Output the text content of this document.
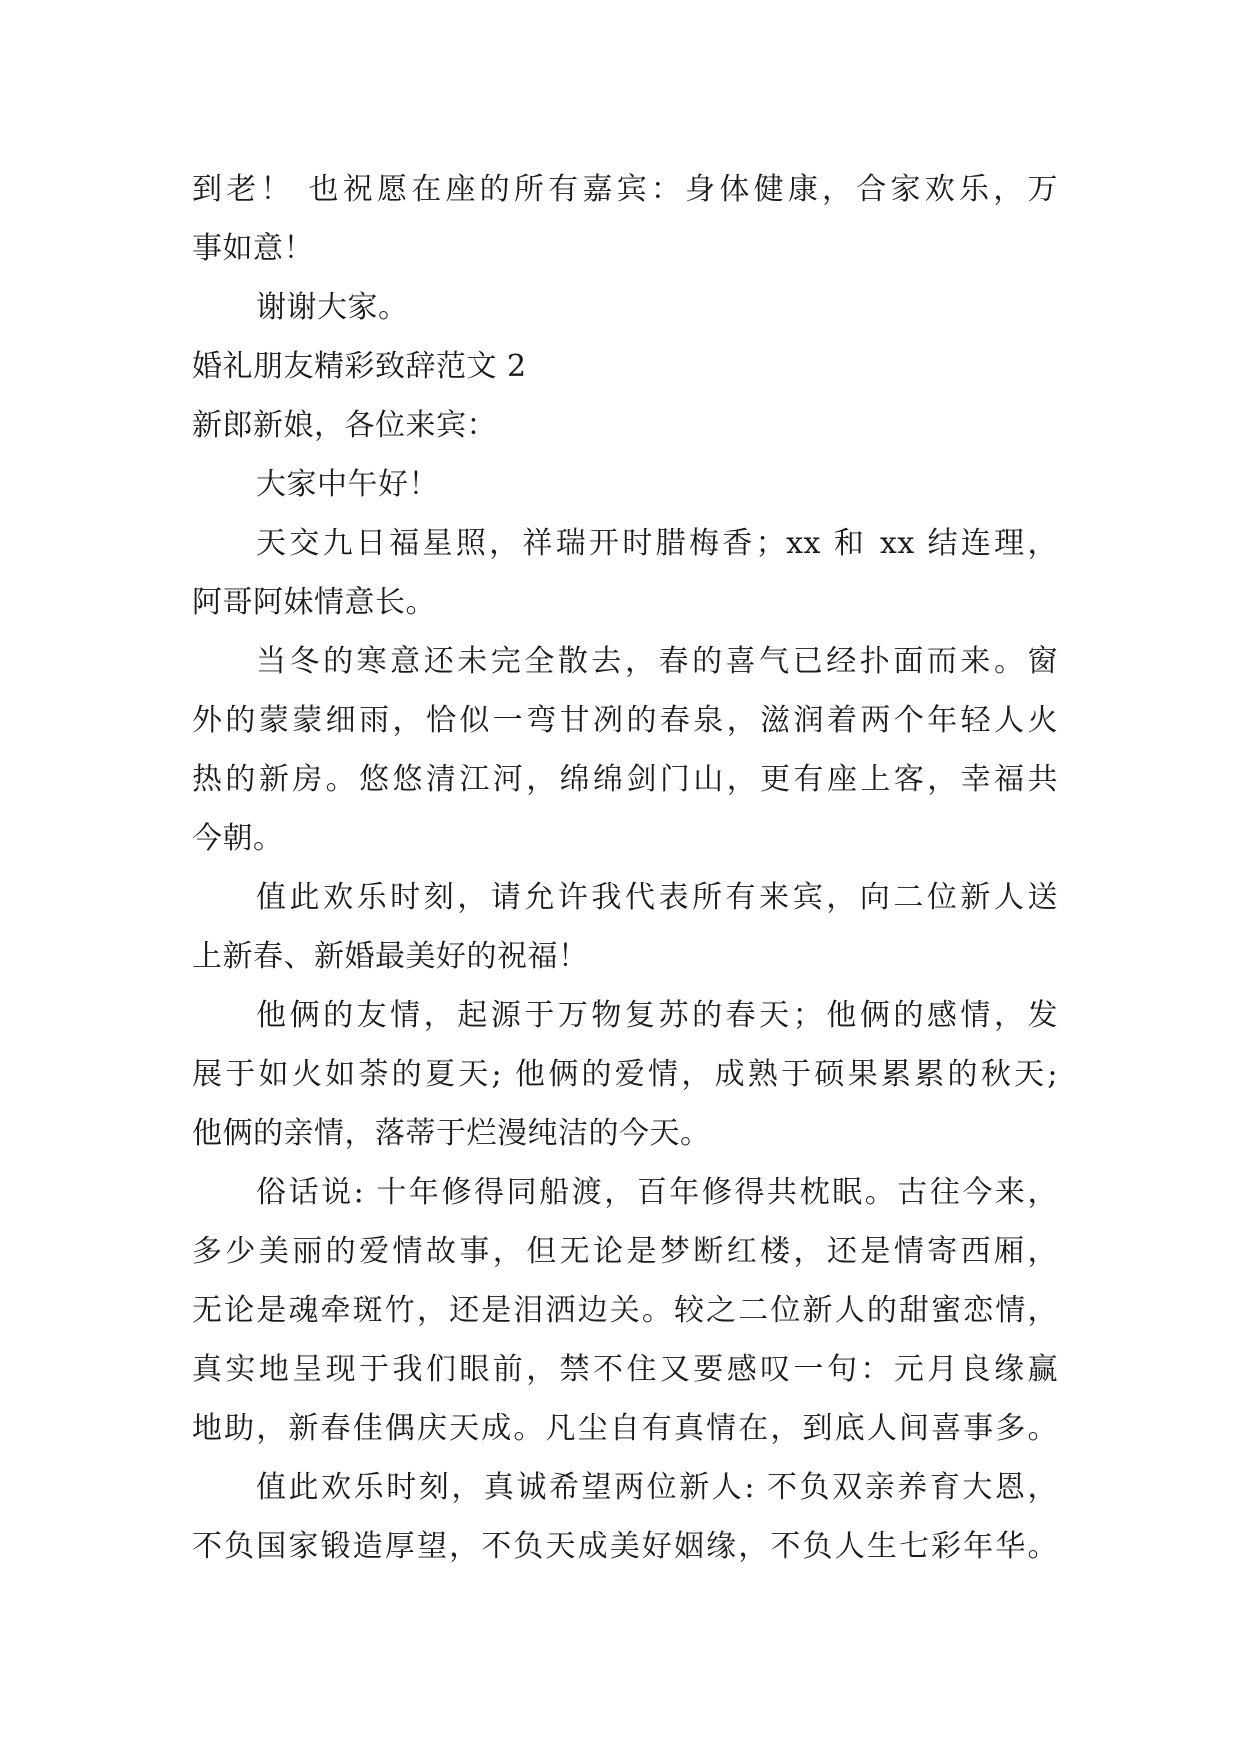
到老！ 也祝愿在座的所有嘉宾：身体健康，合家欢乐，万
事如意！
谢谢大家。
婚礼朋友精彩致辞范文 2
新郎新娘，各位来宾：
大家中午好！
天交九日福星照，祥瑞开时腊梅香；xx 和 xx 结连理，
阿哥阿妹情意长。
当冬的寒意还未完全散去，春的喜气已经扑面而来。窗
外的蒙蒙细雨，恰似一弯甘冽的春泉，滋润着两个年轻人火
热的新房。悠悠清江河，绵绵剑门山，更有座上客，幸福共
今朝。
值此欢乐时刻，请允许我代表所有来宾，向二位新人送
上新春、新婚最美好的祝福！
他俩的友情，起源于万物复苏的春天；他俩的感情，发
展于如火如荼的夏天; 他俩的爱情，成熟于硕果累累的秋天;
他俩的亲情，落蒂于烂漫纯洁的今天。
俗话说: 十年修得同船渡，百年修得共枕眠。古往今来，
多少美丽的爱情故事，但无论是梦断红楼，还是情寄西厢，
无论是魂牵斑竹，还是泪洒边关。较之二位新人的甜蜜恋情，
真实地呈现于我们眼前，禁不住又要感叹一句：元月良缘赢
地助，新春佳偶庆天成。凡尘自有真情在，到底人间喜事多。
值此欢乐时刻，真诚希望两位新人: 不负双亲养育大恩，
不负国家锻造厚望，不负天成美好姻缘，不负人生七彩年华。
